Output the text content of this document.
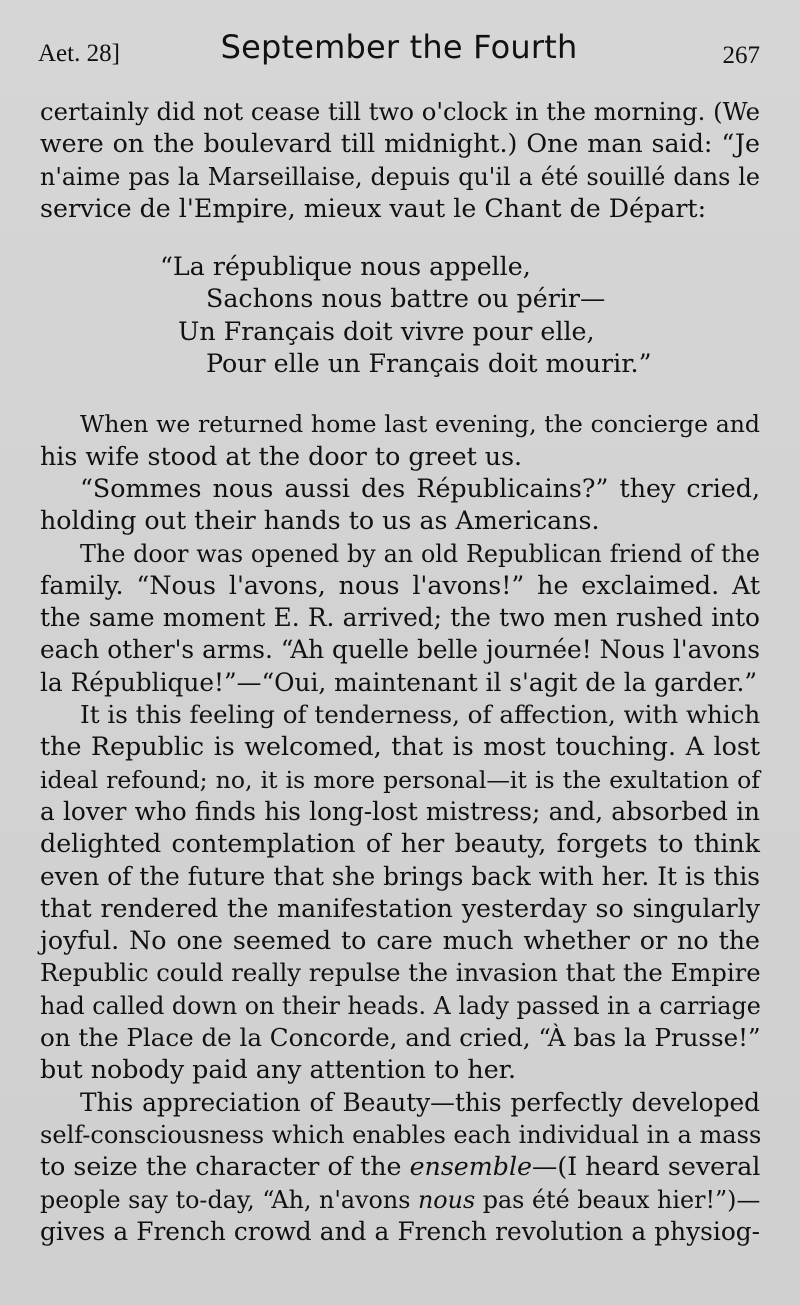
Aet. 28]	September the Fourth	267
certainly did not cease till two o'clock in the morning. (We
were on the boulevard till midnight.) One man said: “Je
n'aime pas la Marseillaise, depuis qu'il a été souillé dans le
service de l'Empire, mieux vaut le Chant de Départ:
“La république nous appelle,
Sachons nous battre ou périr—
Un Français doit vivre pour elle,
Pour elle un Français doit mourir.”
When we returned home last evening, the concierge and
his wife stood at the door to greet us.
“Sommes nous aussi des Républicains?” they cried,
holding out their hands to us as Americans.
The door was opened by an old Republican friend of the
family. “Nous l'avons, nous l'avons!” he exclaimed. At
the same moment E. R. arrived; the two men rushed into
each other's arms. “Ah quelle belle journée! Nous l'avons
la République!”—“Oui, maintenant il s'agit de la garder.”
It is this feeling of tenderness, of affection, with which
the Republic is welcomed, that is most touching. A lost
ideal refound; no, it is more personal—it is the exultation of
a lover who finds his long-lost mistress; and, absorbed in
delighted contemplation of her beauty, forgets to think
even of the future that she brings back with her. It is this
that rendered the manifestation yesterday so singularly
joyful. No one seemed to care much whether or no the
Republic could really repulse the invasion that the Empire
had called down on their heads. A lady passed in a carriage
on the Place de la Concorde, and cried, “À bas la Prusse!”
but nobody paid any attention to her.
This appreciation of Beauty—this perfectly developed
self-consciousness which enables each individual in a mass
to seize the character of the ensemble—(I heard several
people say to-day, “Ah, n'avons nous pas été beaux hier!”)—
gives a French crowd and a French revolution a physiog-
